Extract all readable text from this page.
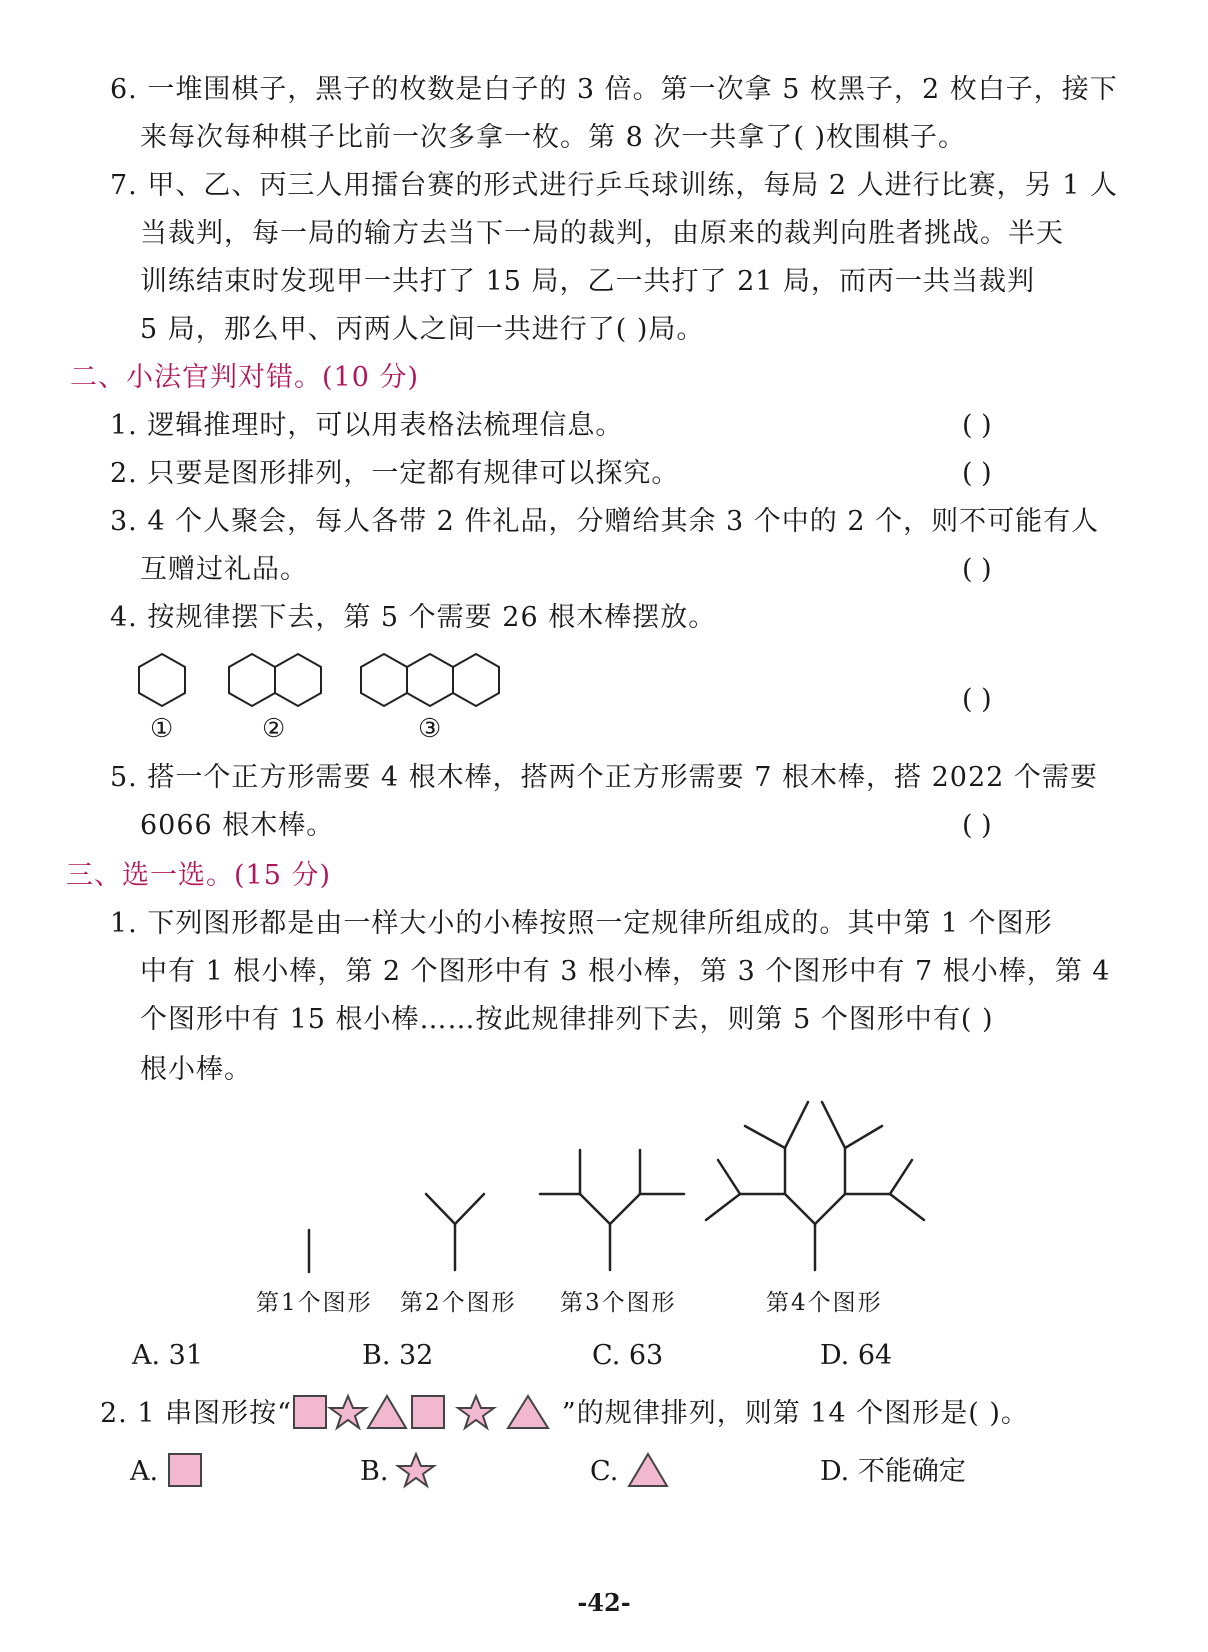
6. 一堆围棋子，黑子的枚数是白子的 3 倍。第一次拿 5 枚黑子，2 枚白子，接下
来每次每种棋子比前一次多拿一枚。第 8 次一共拿了( )枚围棋子。
7. 甲、乙、丙三人用擂台赛的形式进行乒乓球训练，每局 2 人进行比赛，另 1 人
当裁判，每一局的输方去当下一局的裁判，由原来的裁判向胜者挑战。半天
训练结束时发现甲一共打了 15 局，乙一共打了 21 局，而丙一共当裁判
5 局，那么甲、丙两人之间一共进行了( )局。
二、小法官判对错。(10 分)
1. 逻辑推理时，可以用表格法梳理信息。	( )
2. 只要是图形排列，一定都有规律可以探究。	( )
3. 4 个人聚会，每人各带 2 件礼品，分赠给其余 3 个中的 2 个，则不可能有人
互赠过礼品。	( )
4. 按规律摆下去，第 5 个需要 26 根木棒摆放。
( )
①	②	③
5. 搭一个正方形需要 4 根木棒，搭两个正方形需要 7 根木棒，搭 2022 个需要
6066 根木棒。	( )
三、选一选。(15 分)
1. 下列图形都是由一样大小的小棒按照一定规律所组成的。其中第 1 个图形
中有 1 根小棒，第 2 个图形中有 3 根小棒，第 3 个图形中有 7 根小棒，第 4
个图形中有 15 根小棒……按此规律排列下去，则第 5 个图形中有( )
根小棒。
第1个图形 第2个图形 第3个图形	第4个图形
A. 31	B. 32	C. 63	D. 64
2. 1 串图形按“	”的规律排列，则第 14 个图形是( )。
A.	B.	C.	D. 不能确定
-42-
